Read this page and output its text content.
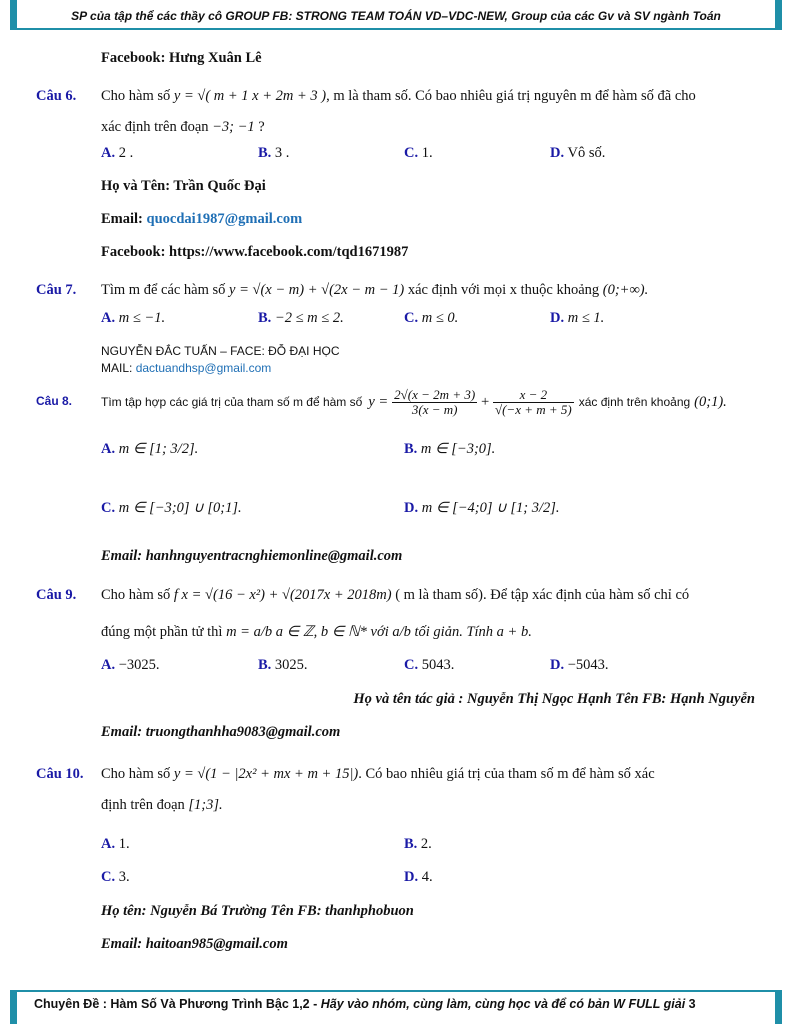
SP của tập thể các thầy cô GROUP FB: STRONG TEAM TOÁN VD–VDC-NEW, Group của các Gv và SV ngành Toán
Facebook: Hưng Xuân Lê
Câu 6. Cho hàm số y = √( m + 1 x + 2m + 3 ), m là tham số. Có bao nhiêu giá trị nguyên m để hàm số đã cho
xác định trên đoạn −3; −1 ?
A. 2 .	B. 3 .	C. 1.	D. Vô số.
Họ và Tên: Trần Quốc Đại
Email: quocdai1987@gmail.com
Facebook: https://www.facebook.com/tqd1671987
Câu 7. Tìm m để các hàm số y = √(x − m) + √(2x − m − 1) xác định với mọi x thuộc khoảng (0;+∞).
A. m ≤ −1.	B. −2 ≤ m ≤ 2.	C. m ≤ 0.	D. m ≤ 1.
NGUYỄN ĐẮC TUẤN – FACE: ĐỖ ĐẠI HỌC
MAIL: dactuandhsp@gmail.com
Câu 8. Tìm tập hợp các giá trị của tham số m để hàm số $y = \frac{2√(x - 2m + 3)}{3(x - m)} + \frac{x - 2}{√(-x + m + 5)}$ xác định trên khoảng (0;1).
A. m ∈ [1; 3/2].	B. m ∈ [−3;0].
C. m ∈ [−3;0] ∪ [0;1].	D. m ∈ [−4;0] ∪ [1; 3/2].
Email: hanhnguyentracnghiemonline@gmail.com
Câu 9. Cho hàm số f x = √(16 − x²) + √(2017x + 2018m) ( m là tham số). Để tập xác định của hàm số chỉ có
đúng một phần tử thì m = a/b a ∈ ℤ, b ∈ ℕ* với a/b tối giản. Tính a + b.
A. −3025.	B. 3025.	C. 5043.	D. −5043.
Họ và tên tác giả : Nguyễn Thị Ngọc Hạnh Tên FB: Hạnh Nguyễn
Email: truongthanhha9083@gmail.com
Câu 10. Cho hàm số y = √(1 − |2x² + mx + m + 15|). Có bao nhiêu giá trị của tham số m để hàm số xác
định trên đoạn [1;3].
A. 1.	B. 2.
C. 3.	D. 4.
Họ tên: Nguyễn Bá Trường Tên FB: thanhphobuon
Email: haitoan985@gmail.com
Chuyên Đề : Hàm Số Và Phương Trình Bậc 1,2 - Hãy vào nhóm, cùng làm, cùng học và để có bản W FULL giải 3
